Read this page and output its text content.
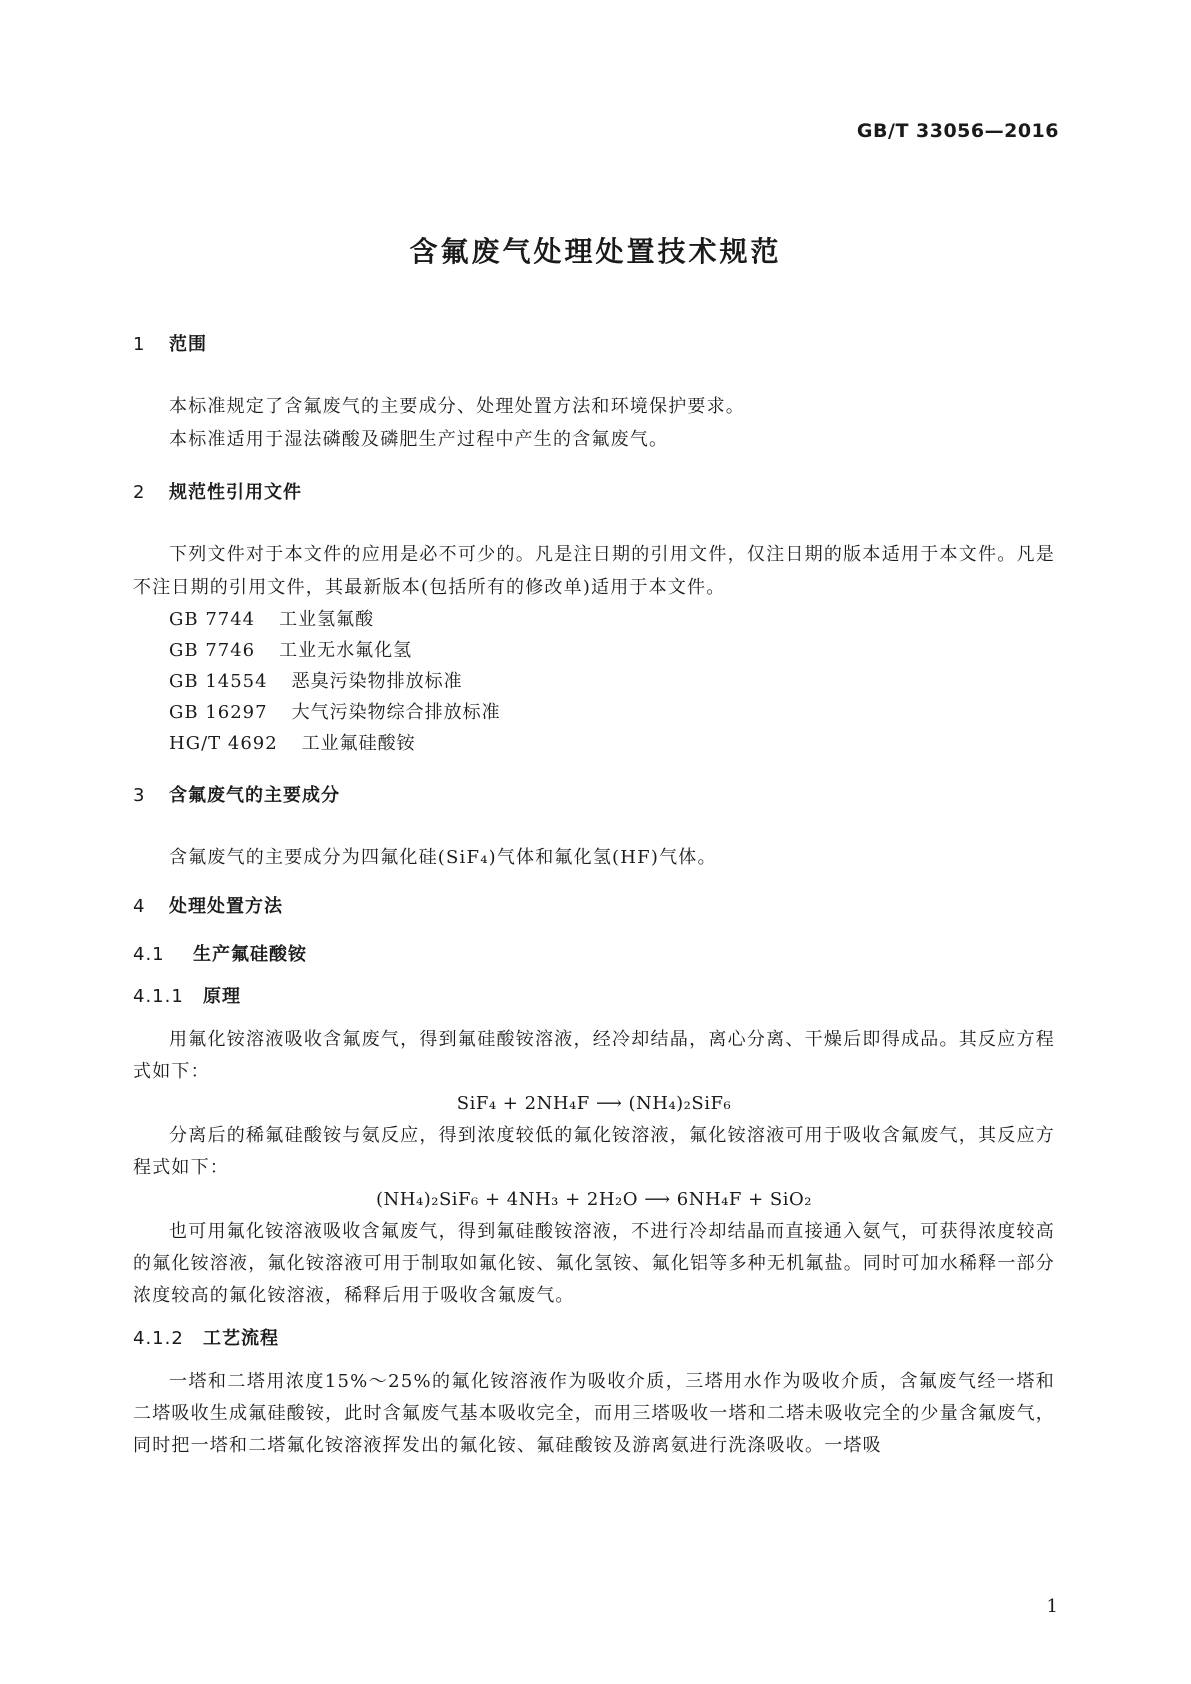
GB/T 33056—2016
含氟废气处理处置技术规范
1 范围

本标准规定了含氟废气的主要成分、处理处置方法和环境保护要求。

本标准适用于湿法磷酸及磷肥生产过程中产生的含氟废气。

2 规范性引用文件

下列文件对于本文件的应用是必不可少的。凡是注日期的引用文件，仅注日期的版本适用于本文件。凡是不注日期的引用文件，其最新版本(包括所有的修改单)适用于本文件。

GB 7744 工业氢氟酸
GB 7746 工业无水氟化氢
GB 14554 恶臭污染物排放标准
GB 16297 大气污染物综合排放标准
HG/T 4692 工业氟硅酸铵
3 含氟废气的主要成分

含氟废气的主要成分为四氟化硅(SiF₄)气体和氟化氢(HF)气体。

4 处理处置方法
4.1 生产氟硅酸铵
4.1.1 原理

用氟化铵溶液吸收含氟废气，得到氟硅酸铵溶液，经冷却结晶，离心分离、干燥后即得成品。其反应方程式如下：

SiF₄ + 2NH₄F ⟶ (NH₄)₂SiF₆

分离后的稀氟硅酸铵与氨反应，得到浓度较低的氟化铵溶液，氟化铵溶液可用于吸收含氟废气，其反应方程式如下：

(NH₄)₂SiF₆ + 4NH₃ + 2H₂O ⟶ 6NH₄F + SiO₂

也可用氟化铵溶液吸收含氟废气，得到氟硅酸铵溶液，不进行冷却结晶而直接通入氨气，可获得浓度较高的氟化铵溶液，氟化铵溶液可用于制取如氟化铵、氟化氢铵、氟化铝等多种无机氟盐。同时可加水稀释一部分浓度较高的氟化铵溶液，稀释后用于吸收含氟废气。

4.1.2 工艺流程

一塔和二塔用浓度15%～25%的氟化铵溶液作为吸收介质，三塔用水作为吸收介质，含氟废气经一塔和二塔吸收生成氟硅酸铵，此时含氟废气基本吸收完全，而用三塔吸收一塔和二塔未吸收完全的少量含氟废气，同时把一塔和二塔氟化铵溶液挥发出的氟化铵、氟硅酸铵及游离氨进行洗涤吸收。一塔吸

1
